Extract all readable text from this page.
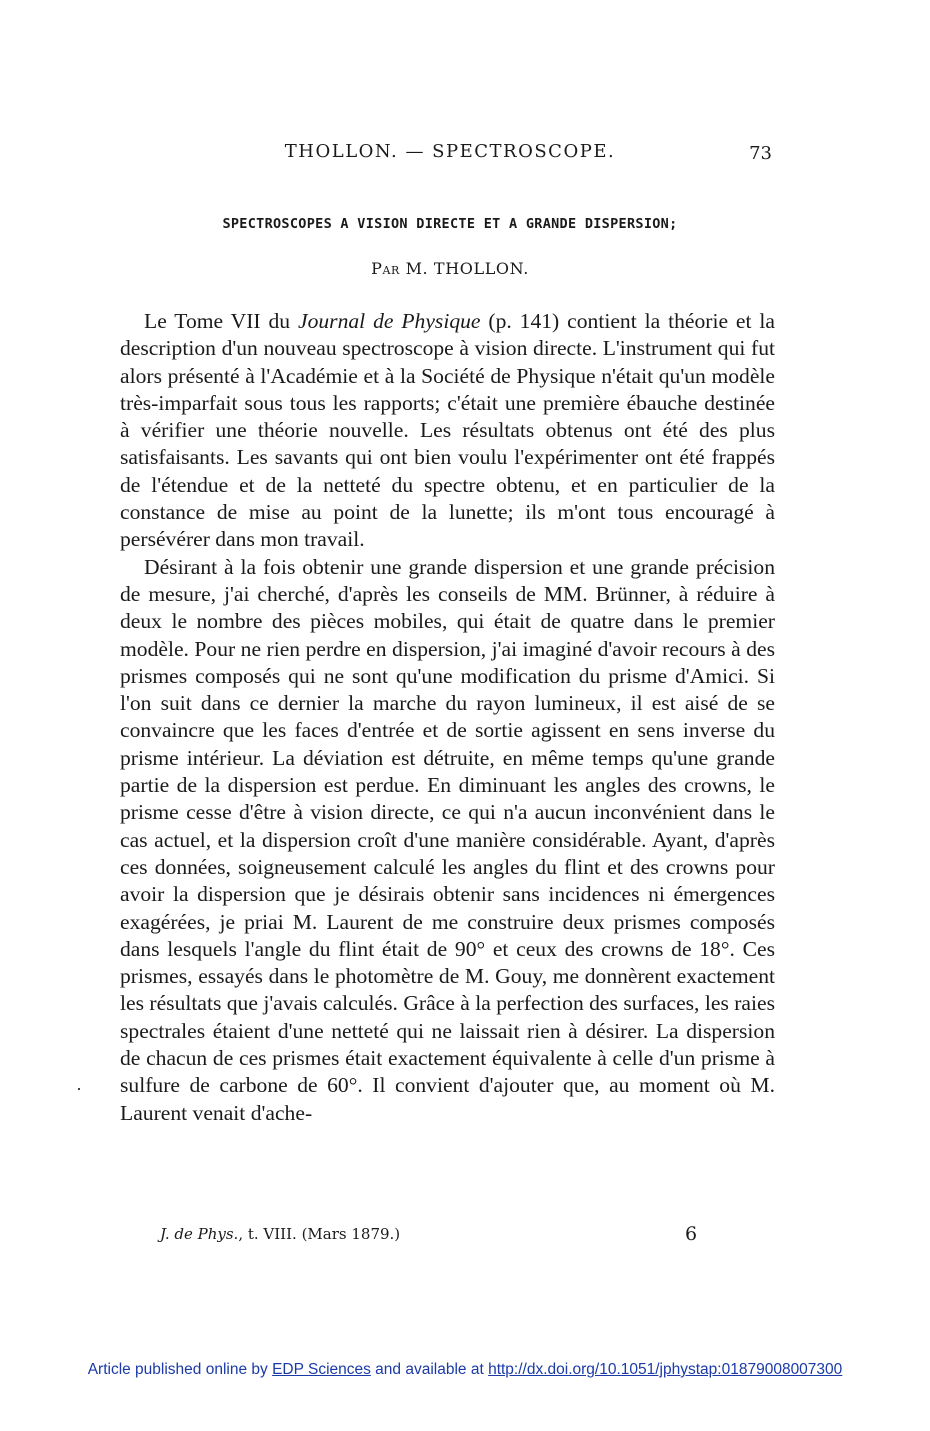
THOLLON. — SPECTROSCOPE.	73
SPECTROSCOPES A VISION DIRECTE ET A GRANDE DISPERSION;
Par M. THOLLON.

Le Tome VII du Journal de Physique (p. 141) contient la théorie et la description d'un nouveau spectroscope à vision directe. L'instrument qui fut alors présenté à l'Académie et à la Société de Physique n'était qu'un modèle très-imparfait sous tous les rapports; c'était une première ébauche destinée à vérifier une théorie nouvelle. Les résultats obtenus ont été des plus satisfaisants. Les savants qui ont bien voulu l'expérimenter ont été frappés de l'étendue et de la netteté du spectre obtenu, et en particulier de la constance de mise au point de la lunette; ils m'ont tous encouragé à persévérer dans mon travail.

Désirant à la fois obtenir une grande dispersion et une grande précision de mesure, j'ai cherché, d'après les conseils de MM. Brünner, à réduire à deux le nombre des pièces mobiles, qui était de quatre dans le premier modèle. Pour ne rien perdre en dispersion, j'ai imaginé d'avoir recours à des prismes composés qui ne sont qu'une modification du prisme d'Amici. Si l'on suit dans ce dernier la marche du rayon lumineux, il est aisé de se convaincre que les faces d'entrée et de sortie agissent en sens inverse du prisme intérieur. La déviation est détruite, en même temps qu'une grande partie de la dispersion est perdue. En diminuant les angles des crowns, le prisme cesse d'être à vision directe, ce qui n'a aucun inconvénient dans le cas actuel, et la dispersion croît d'une manière considérable. Ayant, d'après ces données, soigneusement calculé les angles du flint et des crowns pour avoir la dispersion que je désirais obtenir sans incidences ni émergences exagérées, je priai M. Laurent de me construire deux prismes composés dans lesquels l'angle du flint était de 90° et ceux des crowns de 18°. Ces prismes, essayés dans le photomètre de M. Gouy, me donnèrent exactement les résultats que j'avais calculés. Grâce à la perfection des surfaces, les raies spectrales étaient d'une netteté qui ne laissait rien à désirer. La dispersion de chacun de ces prismes était exactement équivalente à celle d'un prisme à sulfure de carbone de 60°. Il convient d'ajouter que, au moment où M. Laurent venait d'ache-

J. de Phys., t. VIII. (Mars 1879.)	6
Article published online by EDP Sciences and available at http://dx.doi.org/10.1051/jphystap:01879008007300
